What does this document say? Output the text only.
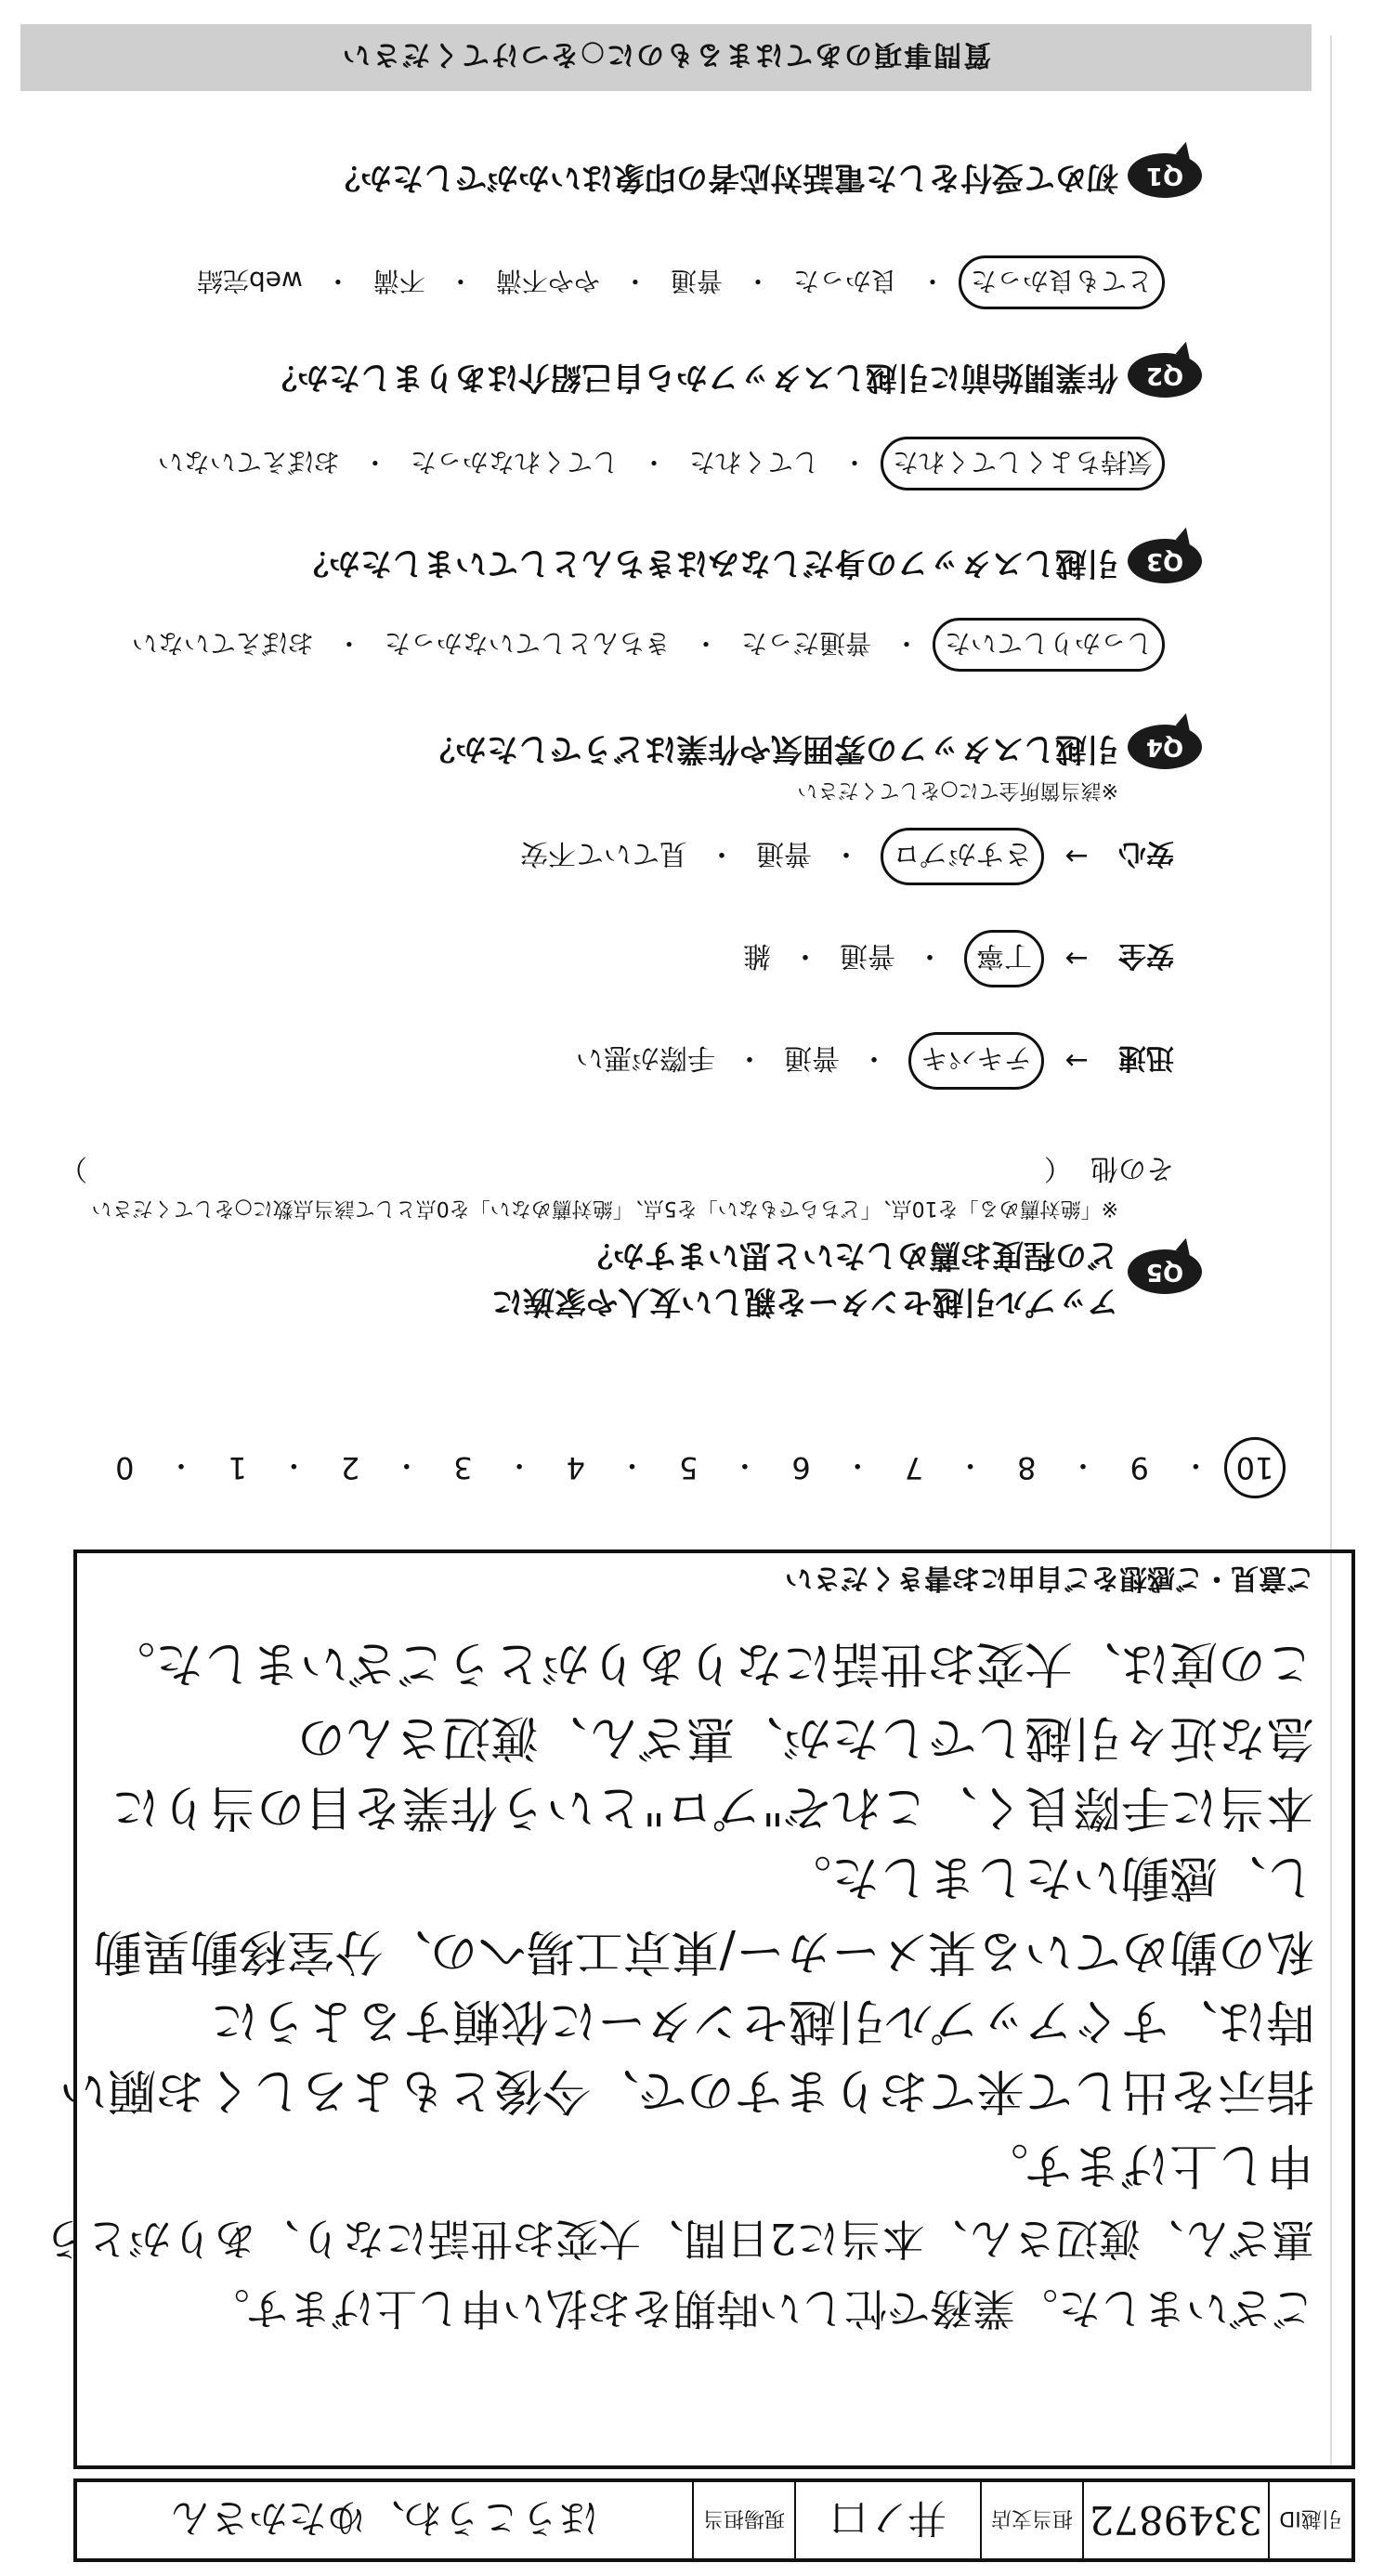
引越ID
3349872
担当支店
井ノ口
現場担当
ほうこうわ、ゆたかさん
質問事項のあてはまるものに○をつけてください
Q1
初めて受付をした電話対応者の印象はいかがでしたか？
とても良かった
・
良かった
・
普通
・
やや不満
・
不満
・
web完結
Q2
作業開始前に引越しスタッフから自己紹介はありましたか？
気持ちよくしてくれた
・
してくれた
・
してくれなかった
・
おぼえていない
Q3
引越しスタッフの身だしなみはきちんとしていましたか？
しっかりしていた
・
普通だった
・
きちんとしていなかった
・
おぼえていない
Q4
引越しスタッフの雰囲気や作業はどうでしたか？
※該当箇所全てに○をしてください
安心
→
さすがプロ
・
普通
・
見ていて不安
安全
→
丁寧
・
普通
・
雑
迅速
→
テキパキ
・
普通
・
手際が悪い
その他
（
）
Q5
アップル引越センターを親しい友人や家族に
どの程度お薦めしたいと思いますか？
※「絶対薦める」を10点、「どちらでもない」を5点、「絶対薦めない」を0点として該当点数に○をしてください
10
・
9
・
8
・
7
・
6
・
5
・
4
・
3
・
2
・
1
・
0
ご意見・ご感想をご自由にお書きください
この度は、大変お世話になりありがとうございました。
急な近々引越しでしたが、惠ざん、渡辺さんの
本当に手際良く、これぞ"プロ"という作業を目の当りに
し、感動いたしました。
私の勤めている某メーカー/東京工場への、分室移動異動
時は、すぐアップル引越センターに依頼するように
指示を出して来ておりますので、今後ともよろしくお願い
申し上げます。
惠ざん、渡辺さん、本当に2日間、大変お世話になり、ありがとう
ございました。業務で忙しい時期をお払い申し上げます。
